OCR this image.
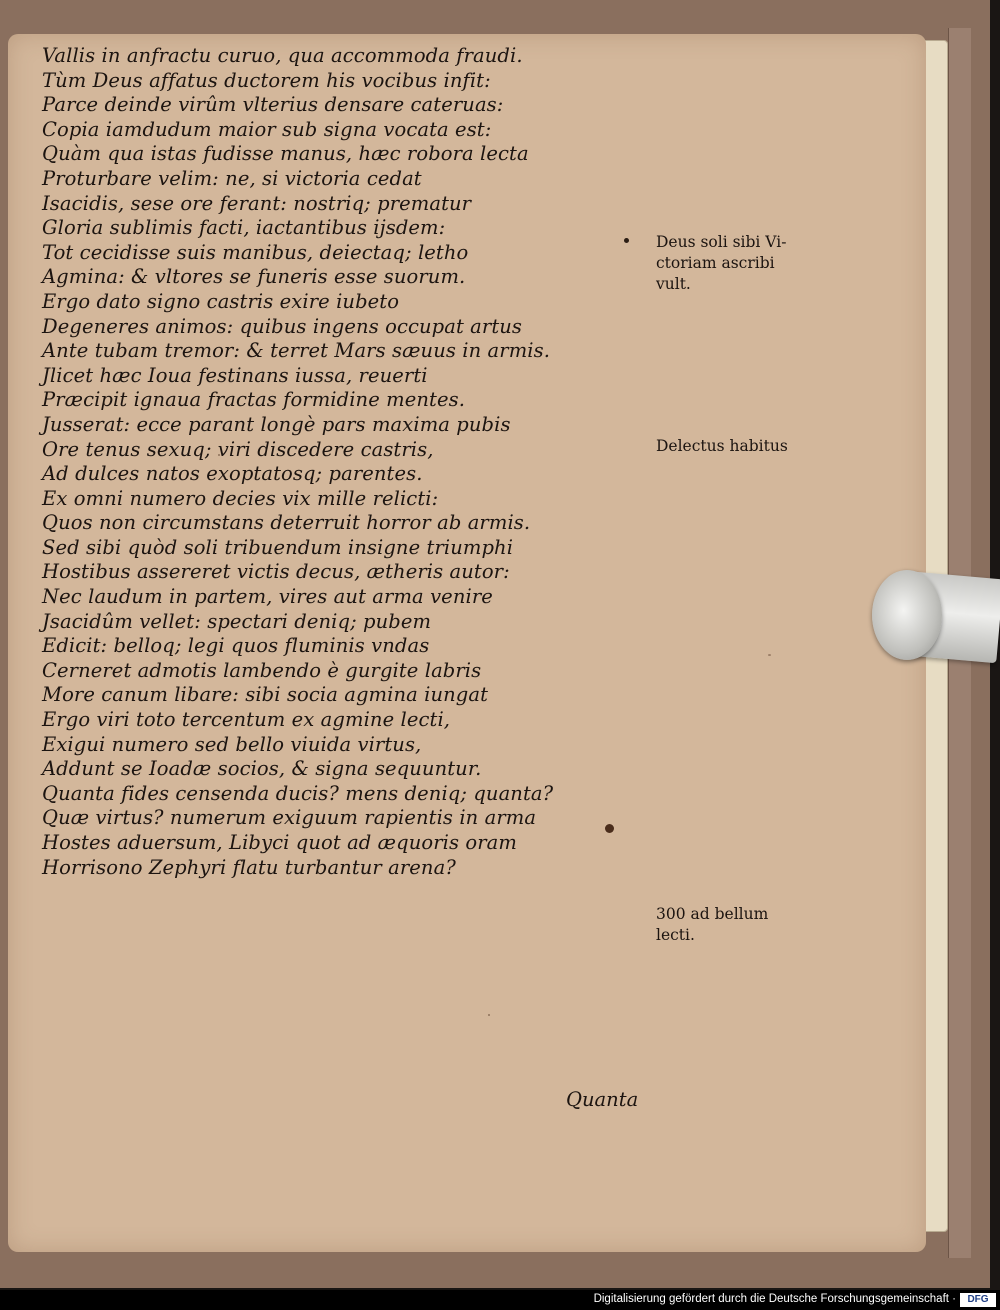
Vallis in anfractu curuo, qua accommoda fraudi.
Tùm Deus affatus ductorem his vocibus infit:
Parce deinde virûm vlterius densare cateruas:
Copia iamdudum maior sub signa vocata est:
Quàm qua istas fudisse manus, hæc robora lecta
Proturbare velim: ne, si victoria cedat
Isacidis, sese ore ferant: nostriq; prematur
Gloria sublimis facti, iactantibus ijsdem:
Tot cecidisse suis manibus, deiectaq; letho
Agmina: & vltores se funeris esse suorum.
Ergo dato signo castris exire iubeto
Degeneres animos: quibus ingens occupat artus
Ante tubam tremor: & terret Mars sæuus in armis.
Jlicet hæc Ioua festinans iussa, reuerti
Præcipit ignaua fractas formidine mentes.
Jusserat: ecce parant longè pars maxima pubis
Ore tenus sexuq; viri discedere castris,
Ad dulces natos exoptatosq; parentes.
Ex omni numero decies vix mille relicti:
Quos non circumstans deterruit horror ab armis.
Sed sibi quòd soli tribuendum insigne triumphi
Hostibus assereret victis decus, ætheris autor:
Nec laudum in partem, vires aut arma venire
Jsacidûm vellet: spectari deniq; pubem
Edicit: belloq; legi quos fluminis vndas
Cerneret admotis lambendo è gurgite labris
More canum libare: sibi socia agmina iungat
Ergo viri toto tercentum ex agmine lecti,
Exigui numero sed bello viuida virtus,
Addunt se Ioadæ socios, & signa sequuntur.
Quanta fides censenda ducis? mens deniq; quanta?
Quæ virtus? numerum exiguum rapientis in arma
Hostes aduersum, Libyci quot ad æquoris oram
Horrisono Zephyri flatu turbantur arena?
Quanta
Deus soli sibi Vi-
ctoriam ascribi
vult.
Delectus habitus
300 ad bellum
lecti.
Digitalisierung gefördert durch die Deutsche Forschungsgemeinschaft ·	DFG
